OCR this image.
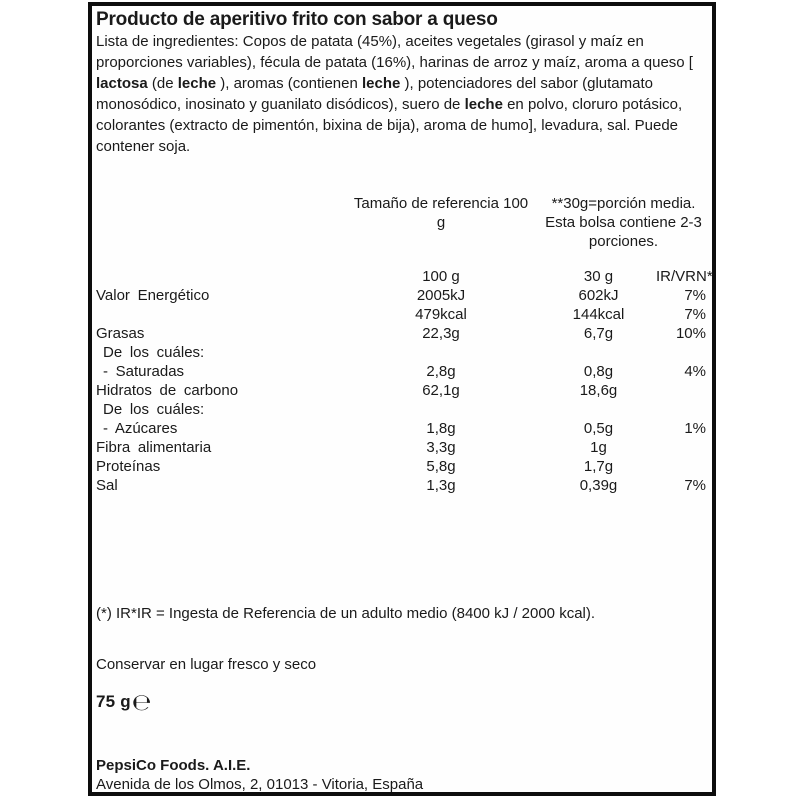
Producto de aperitivo frito con sabor a queso
Lista de ingredientes: Copos de patata (45%), aceites vegetales (girasol y maíz en proporciones variables), fécula de patata (16%), harinas de arroz y maíz, aroma a queso [ lactosa (de leche ), aromas (contienen leche ), potenciadores del sabor (glutamato monosódico, inosinato y guanilato disódicos), suero de leche en polvo, cloruro potásico, colorantes (extracto de pimentón, bixina de bija), aroma de humo], levadura, sal. Puede contener soja.
Tamaño de referencia 100 g
**30g=porción media. Esta bolsa contiene 2-3 porciones.
100 g	30 g	IR/VRN*
Valor Energético	2005kJ	602kJ	7%
479kcal	144kcal	7%
Grasas	22,3g	6,7g	10%
De los cuáles:
- Saturadas	2,8g	0,8g	4%
Hidratos de carbono	62,1g	18,6g
De los cuáles:
- Azúcares	1,8g	0,5g	1%
Fibra alimentaria	3,3g	1g
Proteínas	5,8g	1,7g
Sal	1,3g	0,39g	7%
(*) IR*IR = Ingesta de Referencia de un adulto medio (8400 kJ / 2000 kcal).
Conservar en lugar fresco y seco
75 g℮
PepsiCo Foods. A.I.E.
Avenida de los Olmos, 2, 01013 - Vitoria, España
